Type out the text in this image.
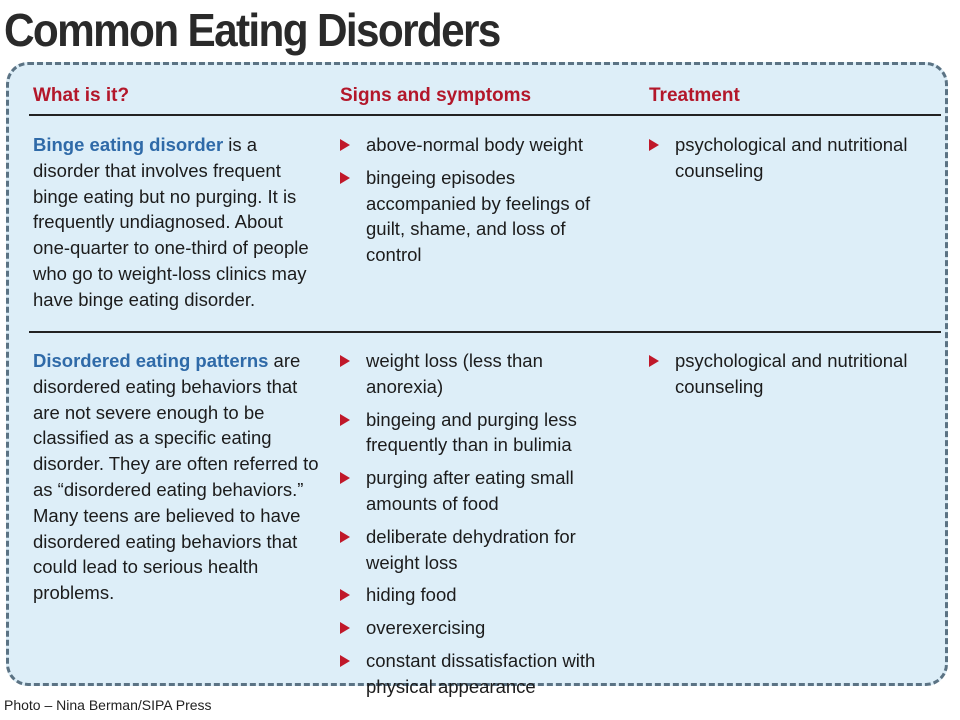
Common Eating Disorders
What is it?	Signs and symptoms	Treatment
Binge eating disorder is a disorder that involves frequent binge eating but no purging. It is frequently undiagnosed. About one-quarter to one-third of people who go to weight-loss clinics may have binge eating disorder.
above-normal body weight
bingeing episodes accompanied by feelings of guilt, shame, and loss of control
psychological and nutritional counseling
Disordered eating patterns are disordered eating behaviors that are not severe enough to be classified as a specific eating disorder. They are often referred to as “disordered eating behaviors.” Many teens are believed to have disordered eating behaviors that could lead to serious health problems.
weight loss (less than anorexia)
bingeing and purging less frequently than in bulimia
purging after eating small amounts of food
deliberate dehydration for weight loss
hiding food
overexercising
constant dissatisfaction with physical appearance
psychological and nutritional counseling
Photo – Nina Berman/SIPA Press
